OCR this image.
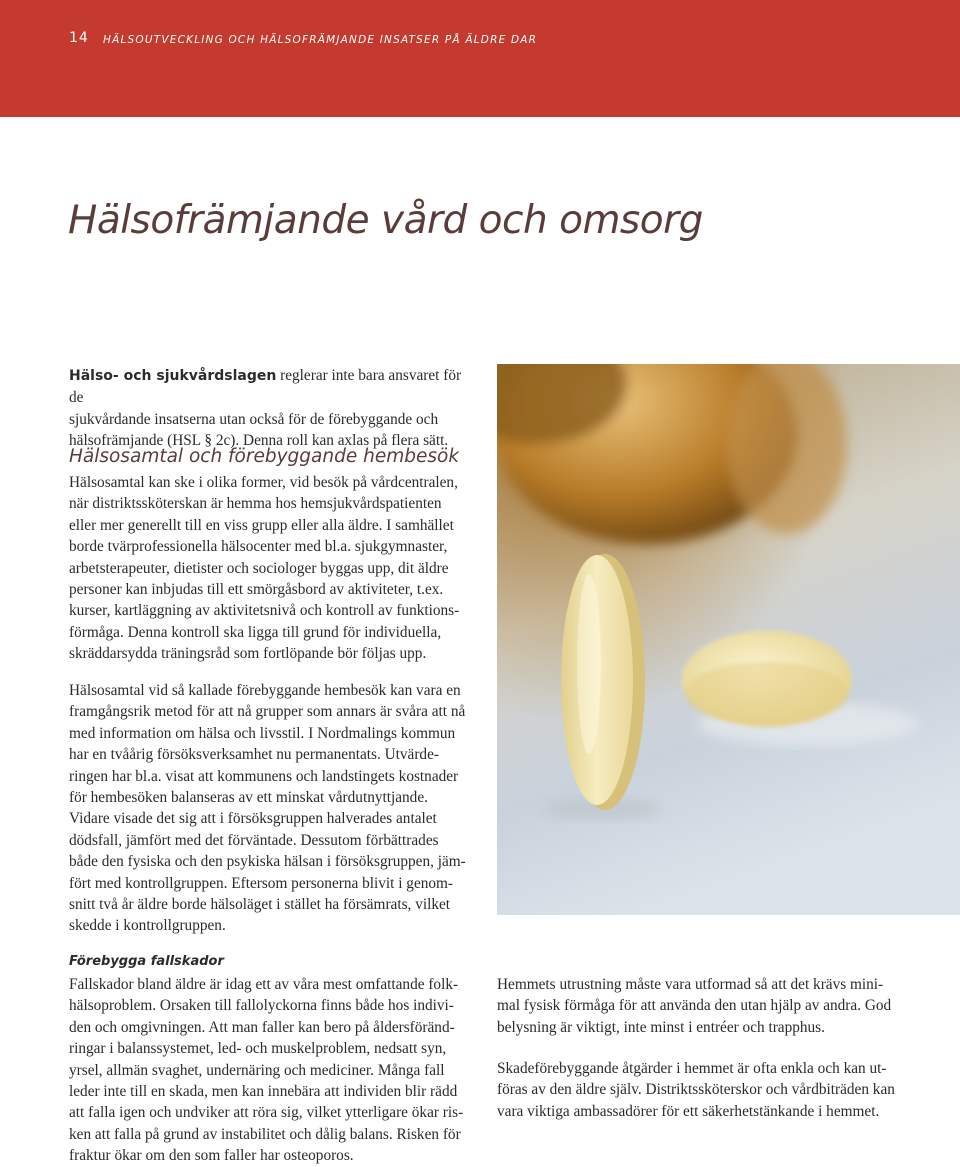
14 HÄLSOUTVECKLING OCH HÄLSOFRÄMJANDE INSATSER PÅ ÄLDRE DAR
Hälsofrämjande vård och omsorg

Hälso- och sjukvårdslagen reglerar inte bara ansvaret för de
sjukvårdande insatserna utan också för de förebyggande och
hälsofrämjande (HSL § 2c). Denna roll kan axlas på flera sätt.

Hälsosamtal och förebyggande hembesök

Hälsosamtal kan ske i olika former, vid besök på vårdcentralen,
när distriktssköterskan är hemma hos hemsjukvårdspatienten
eller mer generellt till en viss grupp eller alla äldre. I samhället
borde tvärprofessionella hälsocenter med bl.a. sjukgymnaster,
arbetsterapeuter, dietister och sociologer byggas upp, dit äldre
personer kan inbjudas till ett smörgåsbord av aktiviteter, t.ex.
kurser, kartläggning av aktivitetsnivå och kontroll av funktions-
förmåga. Denna kontroll ska ligga till grund för individuella,
skräddarsydda träningsråd som fortlöpande bör följas upp.

Hälsosamtal vid så kallade förebyggande hembesök kan vara en
framgångsrik metod för att nå grupper som annars är svåra att nå
med information om hälsa och livsstil. I Nordmalings kommun
har en tvåårig försöksverksamhet nu permanentats. Utvärde-
ringen har bl.a. visat att kommunens och landstingets kostnader
för hembesöken balanseras av ett minskat vårdutnyttjande.
Vidare visade det sig att i försöksgruppen halverades antalet
dödsfall, jämfört med det förväntade. Dessutom förbättrades
både den fysiska och den psykiska hälsan i försöksgruppen, jäm-
fört med kontrollgruppen. Eftersom personerna blivit i genom-
snitt två år äldre borde hälsoläget i stället ha försämrats, vilket
skedde i kontrollgruppen.

Förebygga fallskador

Fallskador bland äldre är idag ett av våra mest omfattande folk-
hälsoproblem. Orsaken till fallolyckorna finns både hos indivi-
den och omgivningen. Att man faller kan bero på åldersföränd-
ringar i balanssystemet, led- och muskelproblem, nedsatt syn,
yrsel, allmän svaghet, undernäring och mediciner. Många fall
leder inte till en skada, men kan innebära att individen blir rädd
att falla igen och undviker att röra sig, vilket ytterligare ökar ris-
ken att falla på grund av instabilitet och dålig balans. Risken för
fraktur ökar om den som faller har osteoporos.

Hemmets utrustning måste vara utformad så att det krävs mini-
mal fysisk förmåga för att använda den utan hjälp av andra. God
belysning är viktigt, inte minst i entréer och trapphus.

Skadeförebyggande åtgärder i hemmet är ofta enkla och kan ut-
föras av den äldre själv. Distriktssköterskor och vårdbiträden kan
vara viktiga ambassadörer för ett säkerhetstänkande i hemmet.
